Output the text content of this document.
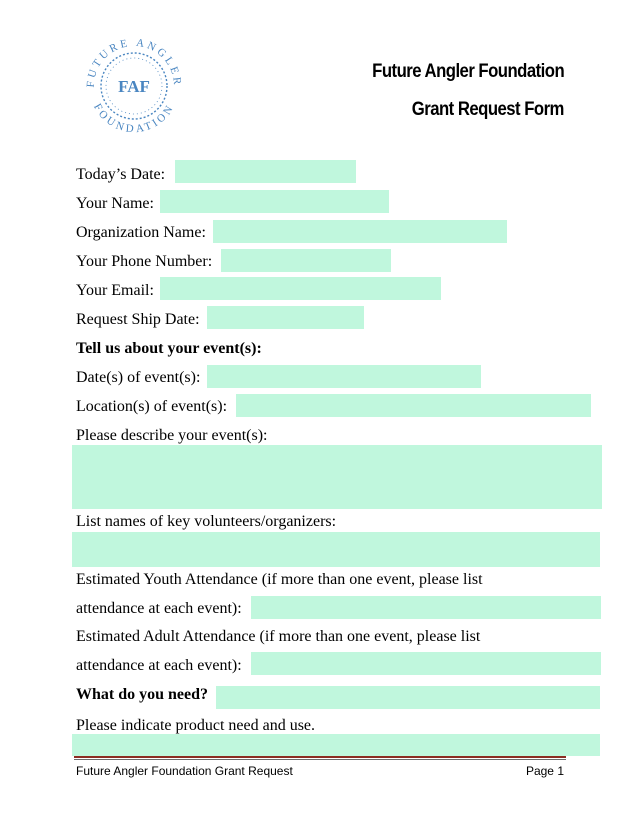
FUTURE ANGLER
FOUNDATION
FAF
Future Angler Foundation
Grant Request Form
Today’s Date:
Your Name:
Organization Name:
Your Phone Number:
Your Email:
Request Ship Date:
Tell us about your event(s):
Date(s) of event(s):
Location(s) of event(s):
Please describe your event(s):
List names of key volunteers/organizers:
Estimated Youth Attendance (if more than one event, please list
attendance at each event):
Estimated Adult Attendance (if more than one event, please list
attendance at each event):
What do you need?
Please indicate product need and use.
Future Angler Foundation Grant Request	Page 1
